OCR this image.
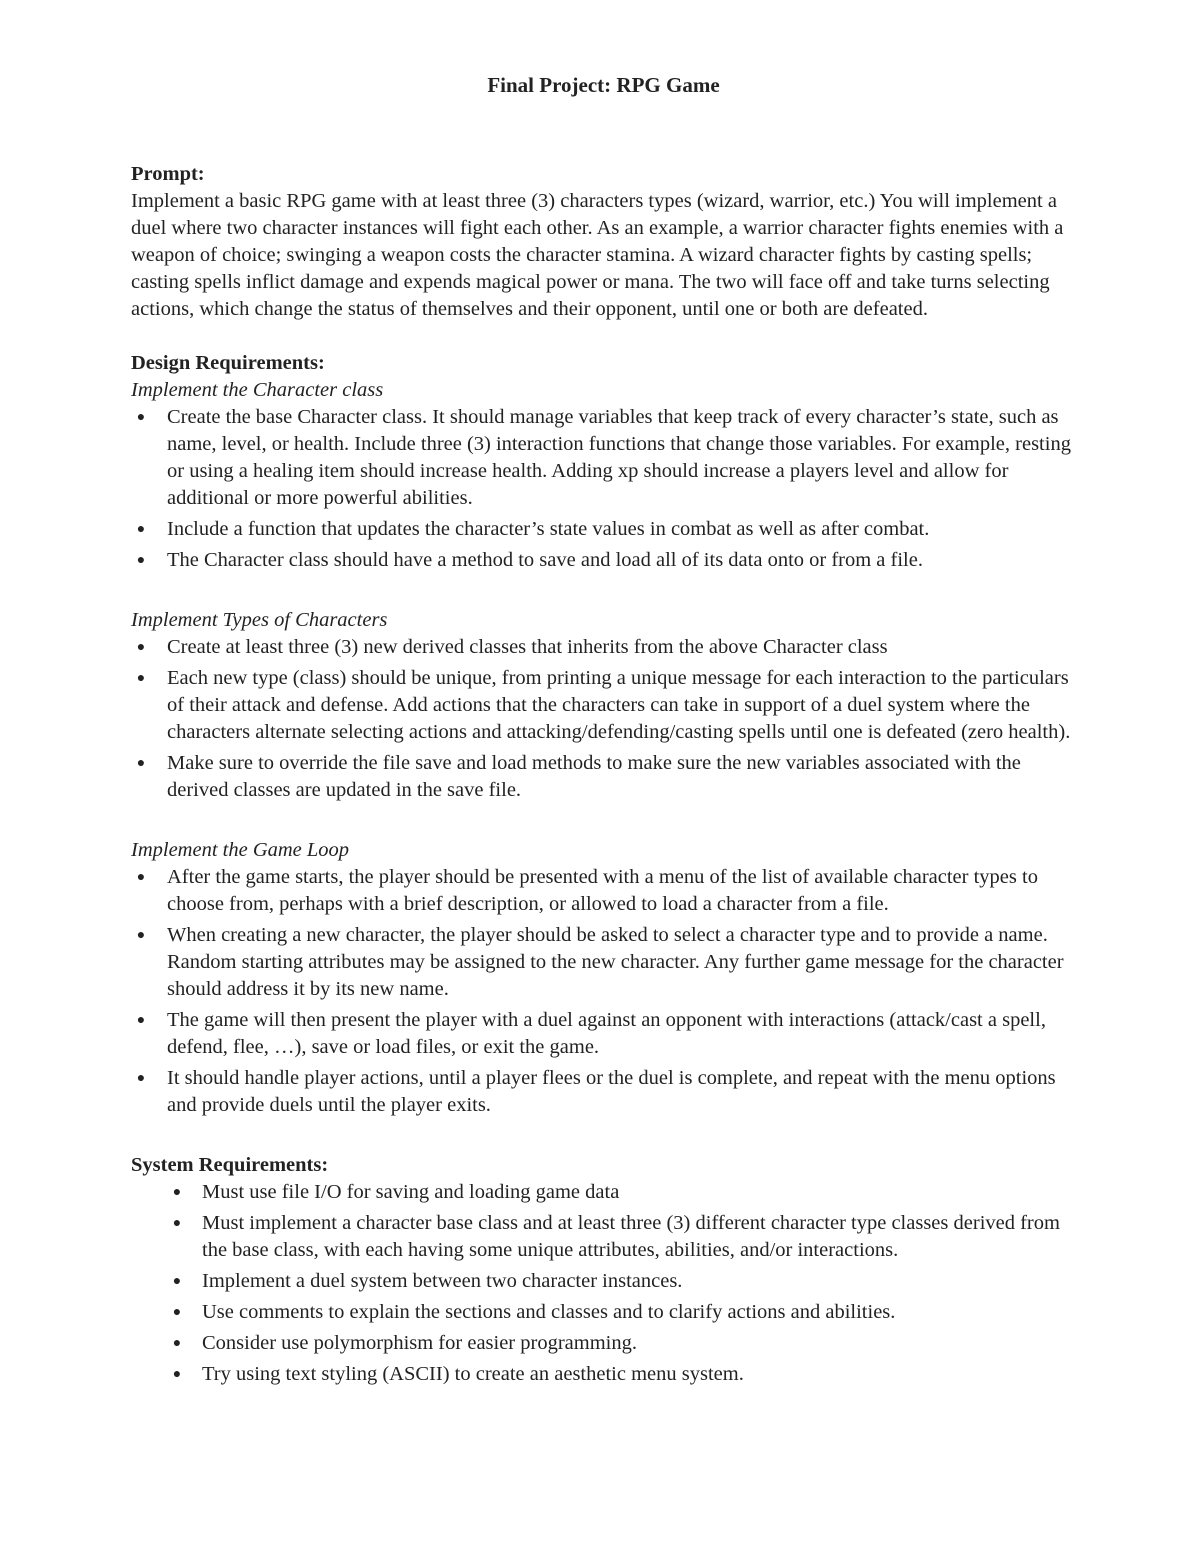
Final Project: RPG Game

Prompt:

Implement a basic RPG game with at least three (3) characters types (wizard, warrior, etc.) You will implement a duel where two character instances will fight each other. As an example, a warrior character fights enemies with a weapon of choice; swinging a weapon costs the character stamina. A wizard character fights by casting spells; casting spells inflict damage and expends magical power or mana. The two will face off and take turns selecting actions, which change the status of themselves and their opponent, until one or both are defeated.

Design Requirements:

Implement the Character class

● Create the base Character class. It should manage variables that keep track of every character’s state, such as name, level, or health. Include three (3) interaction functions that change those variables. For example, resting or using a healing item should increase health. Adding xp should increase a players level and allow for additional or more powerful abilities.
● Include a function that updates the character’s state values in combat as well as after combat.
● The Character class should have a method to save and load all of its data onto or from a file.

Implement Types of Characters

● Create at least three (3) new derived classes that inherits from the above Character class
● Each new type (class) should be unique, from printing a unique message for each interaction to the particulars of their attack and defense. Add actions that the characters can take in support of a duel system where the characters alternate selecting actions and attacking/defending/casting spells until one is defeated (zero health).
● Make sure to override the file save and load methods to make sure the new variables associated with the derived classes are updated in the save file.

Implement the Game Loop

● After the game starts, the player should be presented with a menu of the list of available character types to choose from, perhaps with a brief description, or allowed to load a character from a file.
● When creating a new character, the player should be asked to select a character type and to provide a name. Random starting attributes may be assigned to the new character. Any further game message for the character should address it by its new name.
● The game will then present the player with a duel against an opponent with interactions (attack/cast a spell, defend, flee, …), save or load files, or exit the game.
● It should handle player actions, until a player flees or the duel is complete, and repeat with the menu options and provide duels until the player exits.

System Requirements:

● Must use file I/O for saving and loading game data
● Must implement a character base class and at least three (3) different character type classes derived from the base class, with each having some unique attributes, abilities, and/or interactions.
● Implement a duel system between two character instances.
● Use comments to explain the sections and classes and to clarify actions and abilities.
● Consider use polymorphism for easier programming.
● Try using text styling (ASCII) to create an aesthetic menu system.
